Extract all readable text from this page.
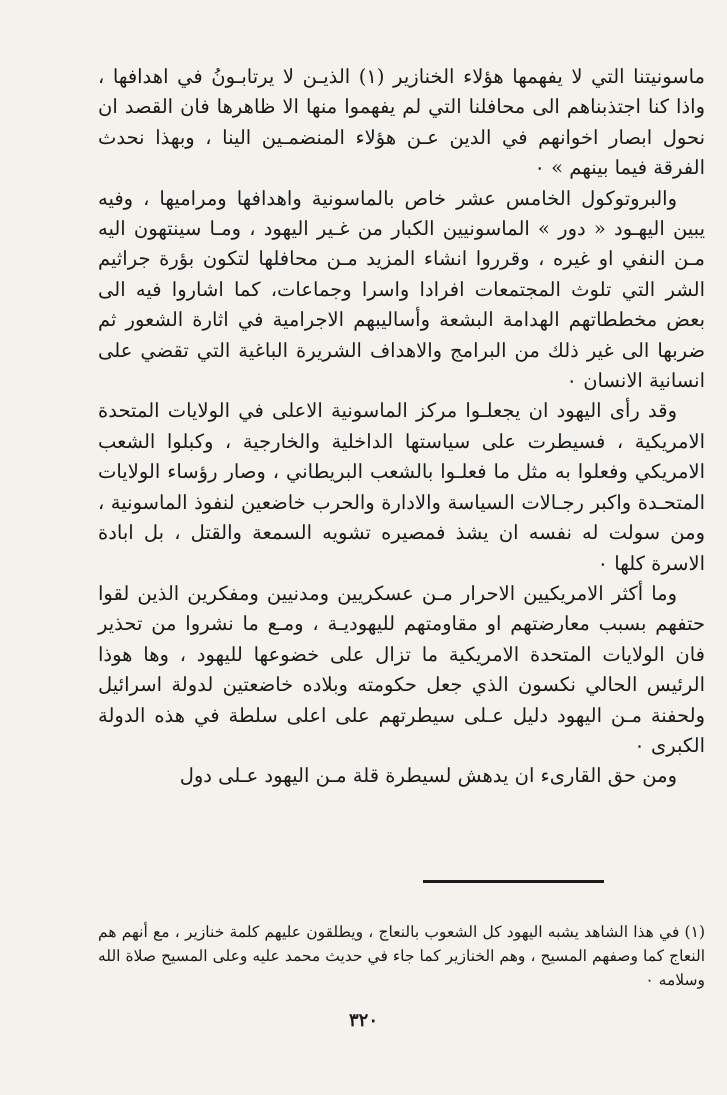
ماسونيتنا التي لا يفهمها هؤلاء الخنازير (١) الذيـن لا يرتابـونُ في اهدافها ، واذا كنا اجتذبناهم الى محافلنا التي لم يفهموا منها الا ظاهرها فان القصد ان نحول ابصار اخوانهم في الدين عـن هؤلاء المنضمـين الينا ، وبهذا نحدث الفرقة فيما بينهم » ٠

والبروتوكول الخامس عشر خاص بالماسونية واهدافها ومراميها ، وفيه يبين اليهـود « دور » الماسونيين الكبار من غـير اليهود ، ومـا سينتهون اليه مـن النفي او غيره ، وقرروا انشاء المزيد مـن محافلها لتكون بؤرة جراثيم الشر التي تلوث المجتمعات افرادا واسرا وجماعات، كما اشاروا فيه الى بعض مخططاتهم الهدامة البشعة وأساليبهم الاجرامية في اثارة الشعور ثم ضربها الى غير ذلك من البرامج والاهداف الشريرة الباغية التي تقضي على انسانية الانسان ٠

وقد رأى اليهود ان يجعلـوا مركز الماسونية الاعلى في الولايات المتحدة الامريكية ، فسيطرت على سياستها الداخلية والخارجية ، وكبلوا الشعب الامريكي وفعلوا به مثل ما فعلـوا بالشعب البريطاني ، وصار رؤساء الولايات المتحـدة واكبر رجـالات السياسة والادارة والحرب خاضعين لنفوذ الماسونية ، ومن سولت له نفسه ان يشذ فمصيره تشويه السمعة والقتل ، بل ابادة الاسرة كلها ٠

وما أكثر الامريكيين الاحرار مـن عسكريين ومدنيين ومفكرين الذين لقوا حتفهم بسبب معارضتهم او مقاومتهم لليهوديـة ، ومـع ما نشروا من تحذير فان الولايات المتحدة الامريكية ما تزال على خضوعها لليهود ، وها هوذا الرئيس الحالي نكسون الذي جعل حكومته وبلاده خاضعتين لدولة اسرائيل ولحفنة مـن اليهود دليل عـلى سيطرتهم على اعلى سلطة في هذه الدولة الكبرى ٠

ومن حق القارىء ان يدهش لسيطرة قلة مـن اليهود عـلى دول

(١) في هذا الشاهد يشبه اليهود كل الشعوب بالنعاج ، ويطلقون عليهم كلمة خنازير ، مع أنهم هم النعاج كما وصفهم المسيح ، وهم الخنازير كما جاء في حديث محمد عليه وعلى المسيح صلاة الله وسلامه ٠

٣٢٠
